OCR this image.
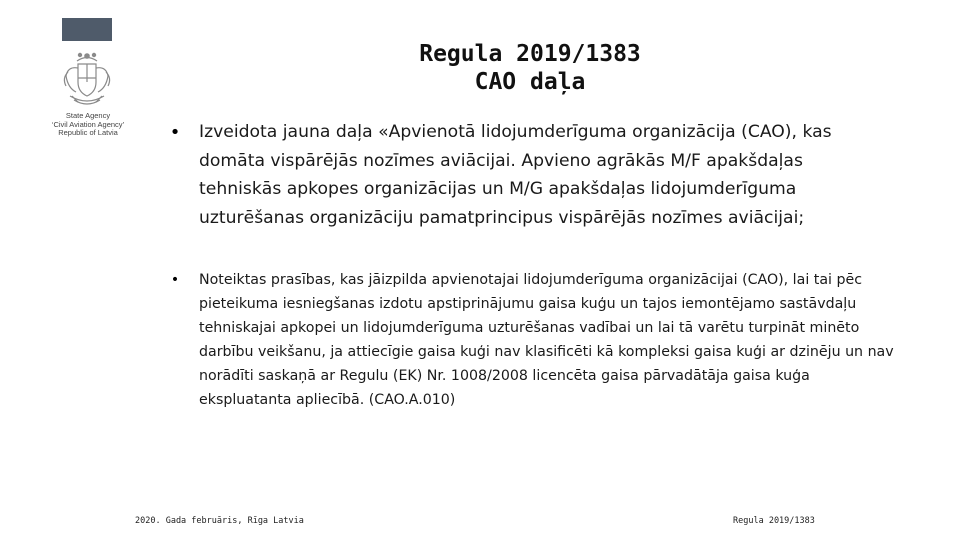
State Agency
‘Civil Aviation Agency’
Republic of Latvia
Regula 2019/1383
CAO daļa
• Izveidota jauna daļa «Apvienotā lidojumderīguma organizācija (CAO), kas domāta vispārējās nozīmes aviācijai. Apvieno agrākās M/F apakšdaļas tehniskās apkopes organizācijas un M/G apakšdaļas lidojumderīguma uzturēšanas organizāciju pamatprincipus vispārējās nozīmes aviācijai;
• Noteiktas prasības, kas jāizpilda apvienotajai lidojumderīguma organizācijai (CAO), lai tai pēc pieteikuma iesniegšanas izdotu apstiprinājumu gaisa kuģu un tajos iemontējamo sastāvdaļu tehniskajai apkopei un lidojumderīguma uzturēšanas vadībai un lai tā varētu turpināt minēto darbību veikšanu, ja attiecīgie gaisa kuģi nav klasificēti kā kompleksi gaisa kuģi ar dzinēju un nav norādīti saskaņā ar Regulu (EK) Nr. 1008/2008 licencēta gaisa pārvadātāja gaisa kuģa ekspluatanta apliecībā. (CAO.A.010)
2020. Gada februāris, Rīga Latvia	Regula 2019/1383
